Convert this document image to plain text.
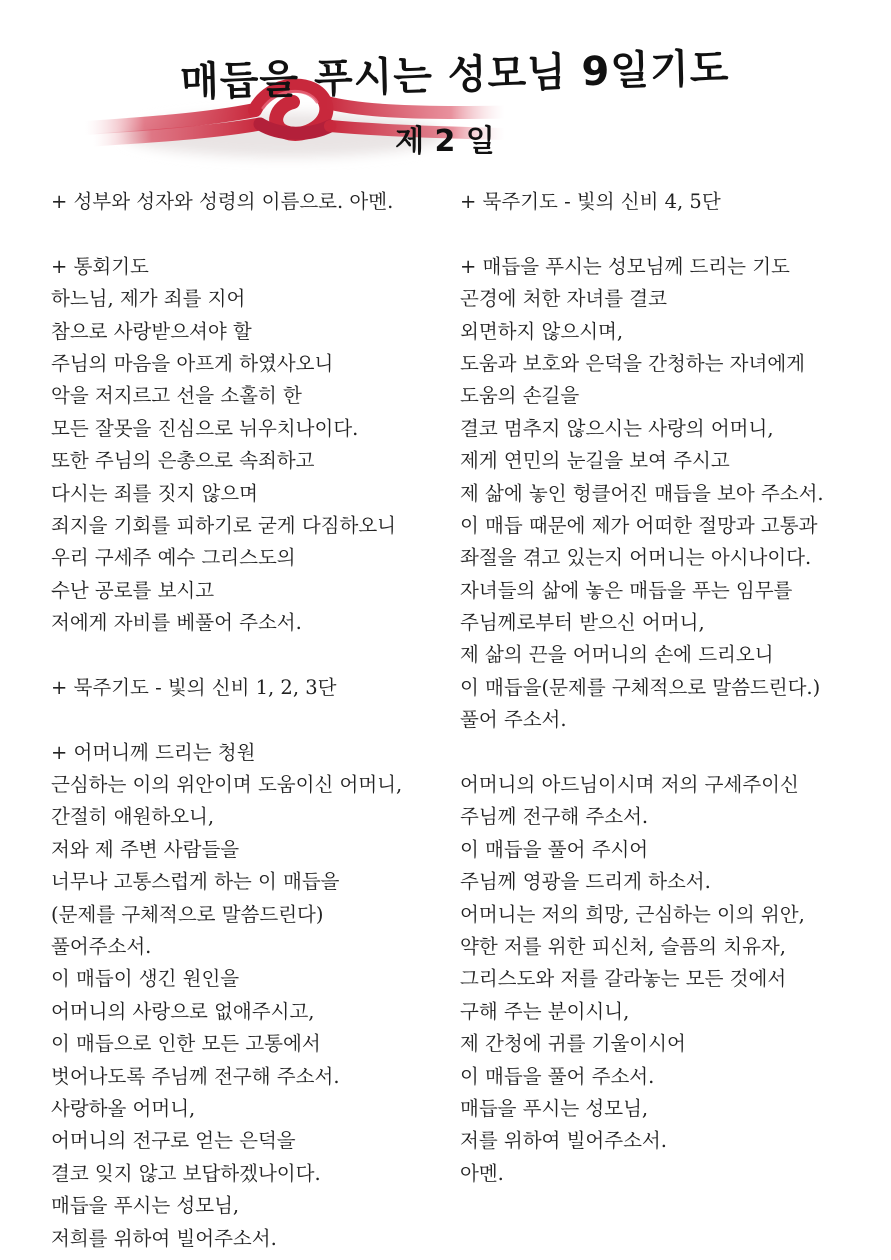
매듭을 푸시는 성모님 9일기도
제 2 일
+ 성부와 성자와 성령의 이름으로. 아멘.
+ 통회기도
하느님, 제가 죄를 지어
참으로 사랑받으셔야 할
주님의 마음을 아프게 하였사오니
악을 저지르고 선을 소홀히 한
모든 잘못을 진심으로 뉘우치나이다.
또한 주님의 은총으로 속죄하고
다시는 죄를 짓지 않으며
죄지을 기회를 피하기로 굳게 다짐하오니
우리 구세주 예수 그리스도의
수난 공로를 보시고
저에게 자비를 베풀어 주소서.
+ 묵주기도 - 빛의 신비 1, 2, 3단
+ 어머니께 드리는 청원
근심하는 이의 위안이며 도움이신 어머니,
간절히 애원하오니,
저와 제 주변 사람들을
너무나 고통스럽게 하는 이 매듭을
(문제를 구체적으로 말씀드린다)
풀어주소서.
이 매듭이 생긴 원인을
어머니의 사랑으로 없애주시고,
이 매듭으로 인한 모든 고통에서
벗어나도록 주님께 전구해 주소서.
사랑하올 어머니,
어머니의 전구로 얻는 은덕을
결코 잊지 않고 보답하겠나이다.
매듭을 푸시는 성모님,
저희를 위하여 빌어주소서.
+ 묵주기도 - 빛의 신비 4, 5단
+ 매듭을 푸시는 성모님께 드리는 기도
곤경에 처한 자녀를 결코
외면하지 않으시며,
도움과 보호와 은덕을 간청하는 자녀에게
도움의 손길을
결코 멈추지 않으시는 사랑의 어머니,
제게 연민의 눈길을 보여 주시고
제 삶에 놓인 헝클어진 매듭을 보아 주소서.
이 매듭 때문에 제가 어떠한 절망과 고통과
좌절을 겪고 있는지 어머니는 아시나이다.
자녀들의 삶에 놓은 매듭을 푸는 임무를
주님께로부터 받으신 어머니,
제 삶의 끈을 어머니의 손에 드리오니
이 매듭을(문제를 구체적으로 말씀드린다.)
풀어 주소서.
어머니의 아드님이시며 저의 구세주이신
주님께 전구해 주소서.
이 매듭을 풀어 주시어
주님께 영광을 드리게 하소서.
어머니는 저의 희망, 근심하는 이의 위안,
약한 저를 위한 피신처, 슬픔의 치유자,
그리스도와 저를 갈라놓는 모든 것에서
구해 주는 분이시니,
제 간청에 귀를 기울이시어
이 매듭을 풀어 주소서.
매듭을 푸시는 성모님,
저를 위하여 빌어주소서.
아멘.
